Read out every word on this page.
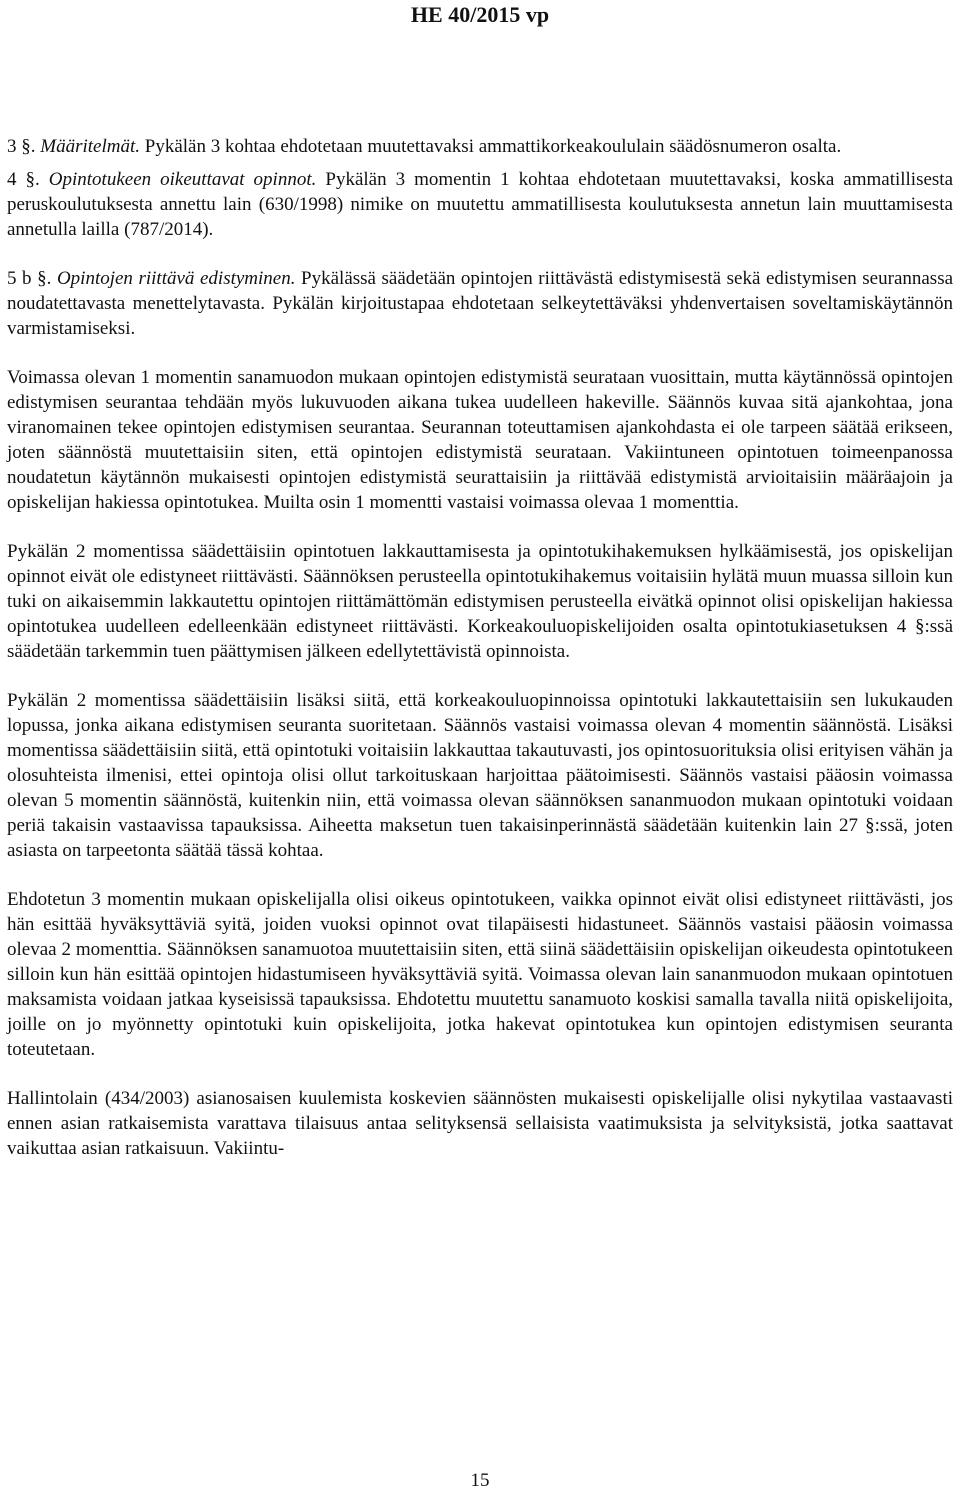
HE 40/2015 vp

3 §. Määritelmät. Pykälän 3 kohtaa ehdotetaan muutettavaksi ammattikorkeakoululain säädösnumeron osalta.

4 §. Opintotukeen oikeuttavat opinnot. Pykälän 3 momentin 1 kohtaa ehdotetaan muutettavaksi, koska ammatillisesta peruskoulutuksesta annettu lain (630/1998) nimike on muutettu ammatillisesta koulutuksesta annetun lain muuttamisesta annetulla lailla (787/2014).

5 b §. Opintojen riittävä edistyminen. Pykälässä säädetään opintojen riittävästä edistymisestä sekä edistymisen seurannassa noudatettavasta menettelytavasta. Pykälän kirjoitustapaa ehdotetaan selkeytettäväksi yhdenvertaisen soveltamiskäytännön varmistamiseksi.

Voimassa olevan 1 momentin sanamuodon mukaan opintojen edistymistä seurataan vuosittain, mutta käytännössä opintojen edistymisen seurantaa tehdään myös lukuvuoden aikana tukea uudelleen hakeville. Säännös kuvaa sitä ajankohtaa, jona viranomainen tekee opintojen edistymisen seurantaa. Seurannan toteuttamisen ajankohdasta ei ole tarpeen säätää erikseen, joten säännöstä muutettaisiin siten, että opintojen edistymistä seurataan. Vakiintuneen opintotuen toimeenpanossa noudatetun käytännön mukaisesti opintojen edistymistä seurattaisiin ja riittävää edistymistä arvioitaisiin määräajoin ja opiskelijan hakiessa opintotukea. Muilta osin 1 momentti vastaisi voimassa olevaa 1 momenttia.

Pykälän 2 momentissa säädettäisiin opintotuen lakkauttamisesta ja opintotukihakemuksen hylkäämisestä, jos opiskelijan opinnot eivät ole edistyneet riittävästi. Säännöksen perusteella opintotukihakemus voitaisiin hylätä muun muassa silloin kun tuki on aikaisemmin lakkautettu opintojen riittämättömän edistymisen perusteella eivätkä opinnot olisi opiskelijan hakiessa opintotukea uudelleen edelleenkään edistyneet riittävästi. Korkeakouluopiskelijoiden osalta opintotukiasetuksen 4 §:ssä säädetään tarkemmin tuen päättymisen jälkeen edellytettävistä opinnoista.

Pykälän 2 momentissa säädettäisiin lisäksi siitä, että korkeakouluopinnoissa opintotuki lakkautettaisiin sen lukukauden lopussa, jonka aikana edistymisen seuranta suoritetaan. Säännös vastaisi voimassa olevan 4 momentin säännöstä. Lisäksi momentissa säädettäisiin siitä, että opintotuki voitaisiin lakkauttaa takautuvasti, jos opintosuorituksia olisi erityisen vähän ja olosuhteista ilmenisi, ettei opintoja olisi ollut tarkoituskaan harjoittaa päätoimisesti. Säännös vastaisi pääosin voimassa olevan 5 momentin säännöstä, kuitenkin niin, että voimassa olevan säännöksen sananmuodon mukaan opintotuki voidaan periä takaisin vastaavissa tapauksissa. Aiheetta maksetun tuen takaisinperinnästä säädetään kuitenkin lain 27 §:ssä, joten asiasta on tarpeetonta säätää tässä kohtaa.

Ehdotetun 3 momentin mukaan opiskelijalla olisi oikeus opintotukeen, vaikka opinnot eivät olisi edistyneet riittävästi, jos hän esittää hyväksyttäviä syitä, joiden vuoksi opinnot ovat tilapäisesti hidastuneet. Säännös vastaisi pääosin voimassa olevaa 2 momenttia. Säännöksen sanamuotoa muutettaisiin siten, että siinä säädettäisiin opiskelijan oikeudesta opintotukeen silloin kun hän esittää opintojen hidastumiseen hyväksyttäviä syitä. Voimassa olevan lain sananmuodon mukaan opintotuen maksamista voidaan jatkaa kyseisissä tapauksissa. Ehdotettu muutettu sanamuoto koskisi samalla tavalla niitä opiskelijoita, joille on jo myönnetty opintotuki kuin opiskelijoita, jotka hakevat opintotukea kun opintojen edistymisen seuranta toteutetaan.

Hallintolain (434/2003) asianosaisen kuulemista koskevien säännösten mukaisesti opiskelijalle olisi nykytilaa vastaavasti ennen asian ratkaisemista varattava tilaisuus antaa selityksensä sellaisista vaatimuksista ja selvityksistä, jotka saattavat vaikuttaa asian ratkaisuun. Vakiintu-

15
